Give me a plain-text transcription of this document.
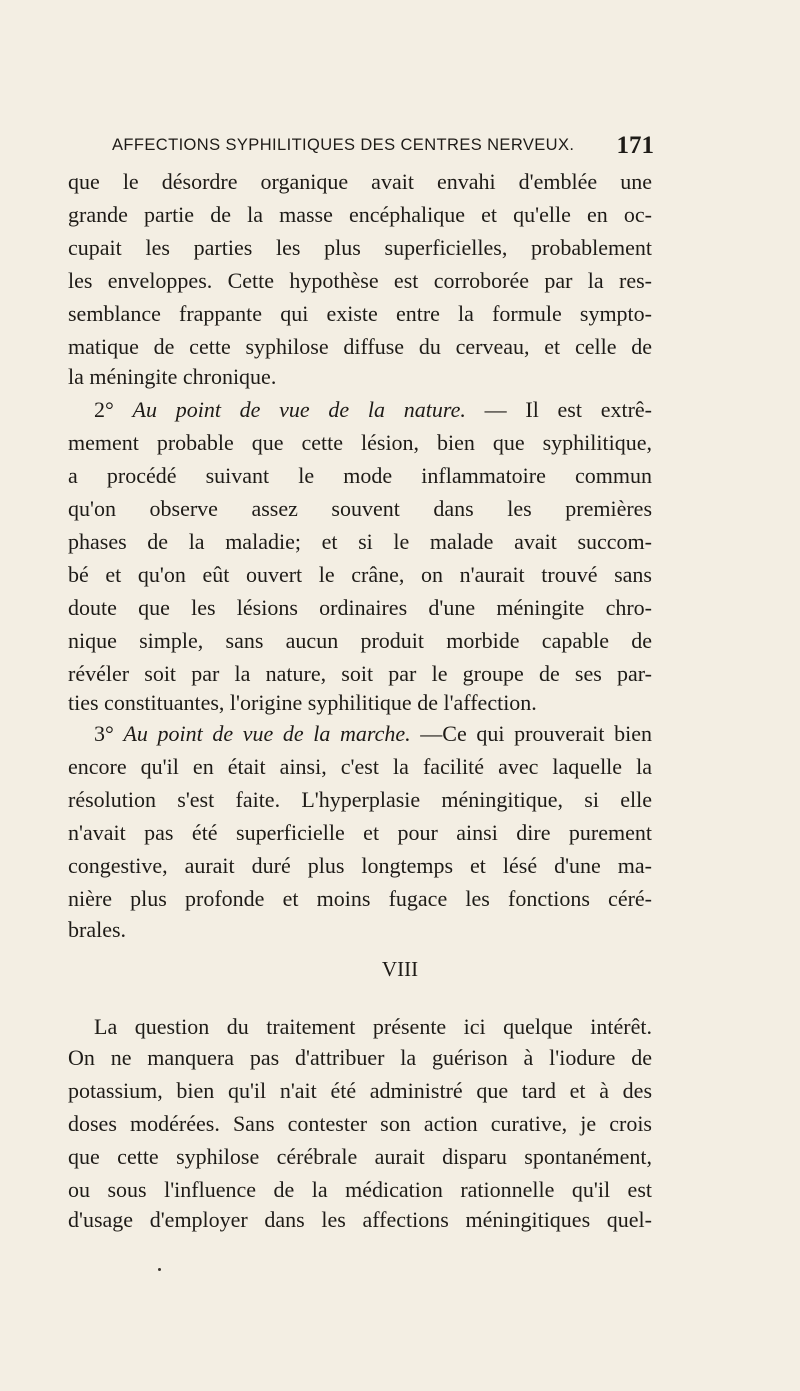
AFFECTIONS SYPHILITIQUES DES CENTRES NERVEUX. 171
que le désordre organique avait envahi d'emblée une
grande partie de la masse encéphalique et qu'elle en oc-
cupait les parties les plus superficielles, probablement
les enveloppes. Cette hypothèse est corroborée par la res-
semblance frappante qui existe entre la formule sympto-
matique de cette syphilose diffuse du cerveau, et celle de
la méningite chronique.
2° Au point de vue de la nature. — Il est extrê-
mement probable que cette lésion, bien que syphilitique,
a procédé suivant le mode inflammatoire commun
qu'on observe assez souvent dans les premières
phases de la maladie; et si le malade avait succom-
bé et qu'on eût ouvert le crâne, on n'aurait trouvé sans
doute que les lésions ordinaires d'une méningite chro-
nique simple, sans aucun produit morbide capable de
révéler soit par la nature, soit par le groupe de ses par-
ties constituantes, l'origine syphilitique de l'affection.
3° Au point de vue de la marche. —Ce qui prouverait bien
encore qu'il en était ainsi, c'est la facilité avec laquelle la
résolution s'est faite. L'hyperplasie méningitique, si elle
n'avait pas été superficielle et pour ainsi dire purement
congestive, aurait duré plus longtemps et lésé d'une ma-
nière plus profonde et moins fugace les fonctions céré-
brales.
VIII
La question du traitement présente ici quelque intérêt.
On ne manquera pas d'attribuer la guérison à l'iodure de
potassium, bien qu'il n'ait été administré que tard et à des
doses modérées. Sans contester son action curative, je crois
que cette syphilose cérébrale aurait disparu spontanément,
ou sous l'influence de la médication rationnelle qu'il est
d'usage d'employer dans les affections méningitiques quel-
